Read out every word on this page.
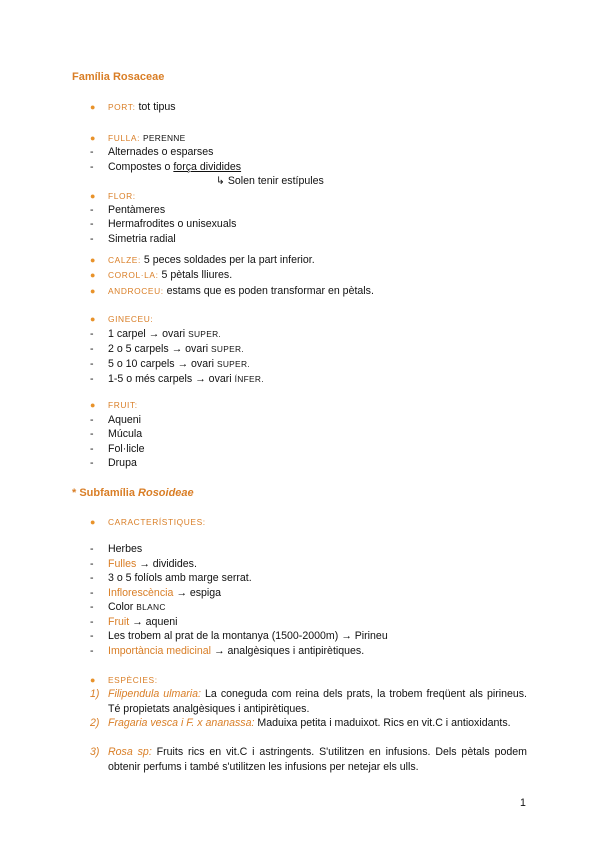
Família Rosaceae
● PORT: tot tipus
● FULLA: PERENNE
- Alternades o esparses
- Compostes o força dividides
↳ Solen tenir estípules
● FLOR:
- Pentàmeres
- Hermafrodites o unisexuals
- Simetria radial
● CALZE: 5 peces soldades per la part inferior.
● COROL·LA: 5 pètals lliures.
● ANDROCEU: estams que es poden transformar en pètals.
● GINECEU:
- 1 carpel → ovari SUPER.
- 2 o 5 carpels → ovari SUPER.
- 5 o 10 carpels → ovari SUPER.
- 1-5 o més carpels → ovari ÍNFER.
● FRUIT:
- Aqueni
- Múcula
- Fol·licle
- Drupa
* Subfamília Rosoideae
● CARACTERÍSTIQUES:
- Herbes
- Fulles → dividides.
- 3 o 5 folíols amb marge serrat.
- Inflorescència → espiga
- Color BLANC
- Fruit → aqueni
- Les trobem al prat de la montanya (1500-2000m) → Pirineu
- Importància medicinal → analgèsiques i antipirètiques.
● ESPÈCIES:
1) Filipendula ulmaria: La coneguda com reina dels prats, la trobem freqüent als pirineus. Té propietats analgèsiques i antipirètiques.
2) Fragaria vesca i F. x ananassa: Maduixa petita i maduixot. Rics en vit.C i antioxidants.
3) Rosa sp: Fruits rics en vit.C i astringents. S'utilitzen en infusions. Dels pètals podem obtenir perfums i també s'utilitzen les infusions per netejar els ulls.
1
